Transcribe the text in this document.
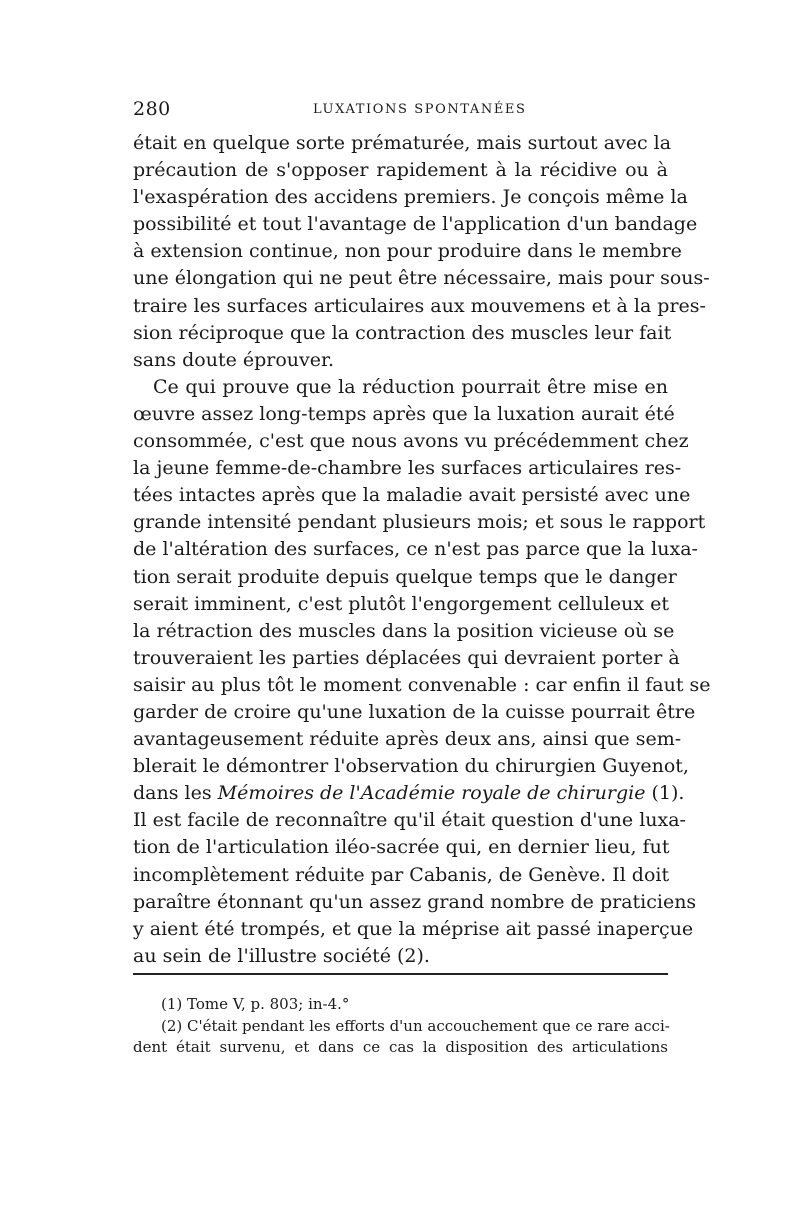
280	LUXATIONS SPONTANÉES
était en quelque sorte prématurée, mais surtout avec la
précaution de s'opposer rapidement à la récidive ou à
l'exaspération des accidens premiers. Je conçois même la
possibilité et tout l'avantage de l'application d'un bandage
à extension continue, non pour produire dans le membre
une élongation qui ne peut être nécessaire, mais pour sous-
traire les surfaces articulaires aux mouvemens et à la pres-
sion réciproque que la contraction des muscles leur fait
sans doute éprouver.
Ce qui prouve que la réduction pourrait être mise en
œuvre assez long-temps après que la luxation aurait été
consommée, c'est que nous avons vu précédemment chez
la jeune femme-de-chambre les surfaces articulaires res-
tées intactes après que la maladie avait persisté avec une
grande intensité pendant plusieurs mois; et sous le rapport
de l'altération des surfaces, ce n'est pas parce que la luxa-
tion serait produite depuis quelque temps que le danger
serait imminent, c'est plutôt l'engorgement celluleux et
la rétraction des muscles dans la position vicieuse où se
trouveraient les parties déplacées qui devraient porter à
saisir au plus tôt le moment convenable : car enfin il faut se
garder de croire qu'une luxation de la cuisse pourrait être
avantageusement réduite après deux ans, ainsi que sem-
blerait le démontrer l'observation du chirurgien Guyenot,
dans les Mémoires de l'Académie royale de chirurgie (1).
Il est facile de reconnaître qu'il était question d'une luxa-
tion de l'articulation iléo-sacrée qui, en dernier lieu, fut
incomplètement réduite par Cabanis, de Genève. Il doit
paraître étonnant qu'un assez grand nombre de praticiens
y aient été trompés, et que la méprise ait passé inaperçue
au sein de l'illustre société (2).
(1) Tome V, p. 803; in-4.°
(2) C'était pendant les efforts d'un accouchement que ce rare acci-
dent était survenu, et dans ce cas la disposition des articulations
